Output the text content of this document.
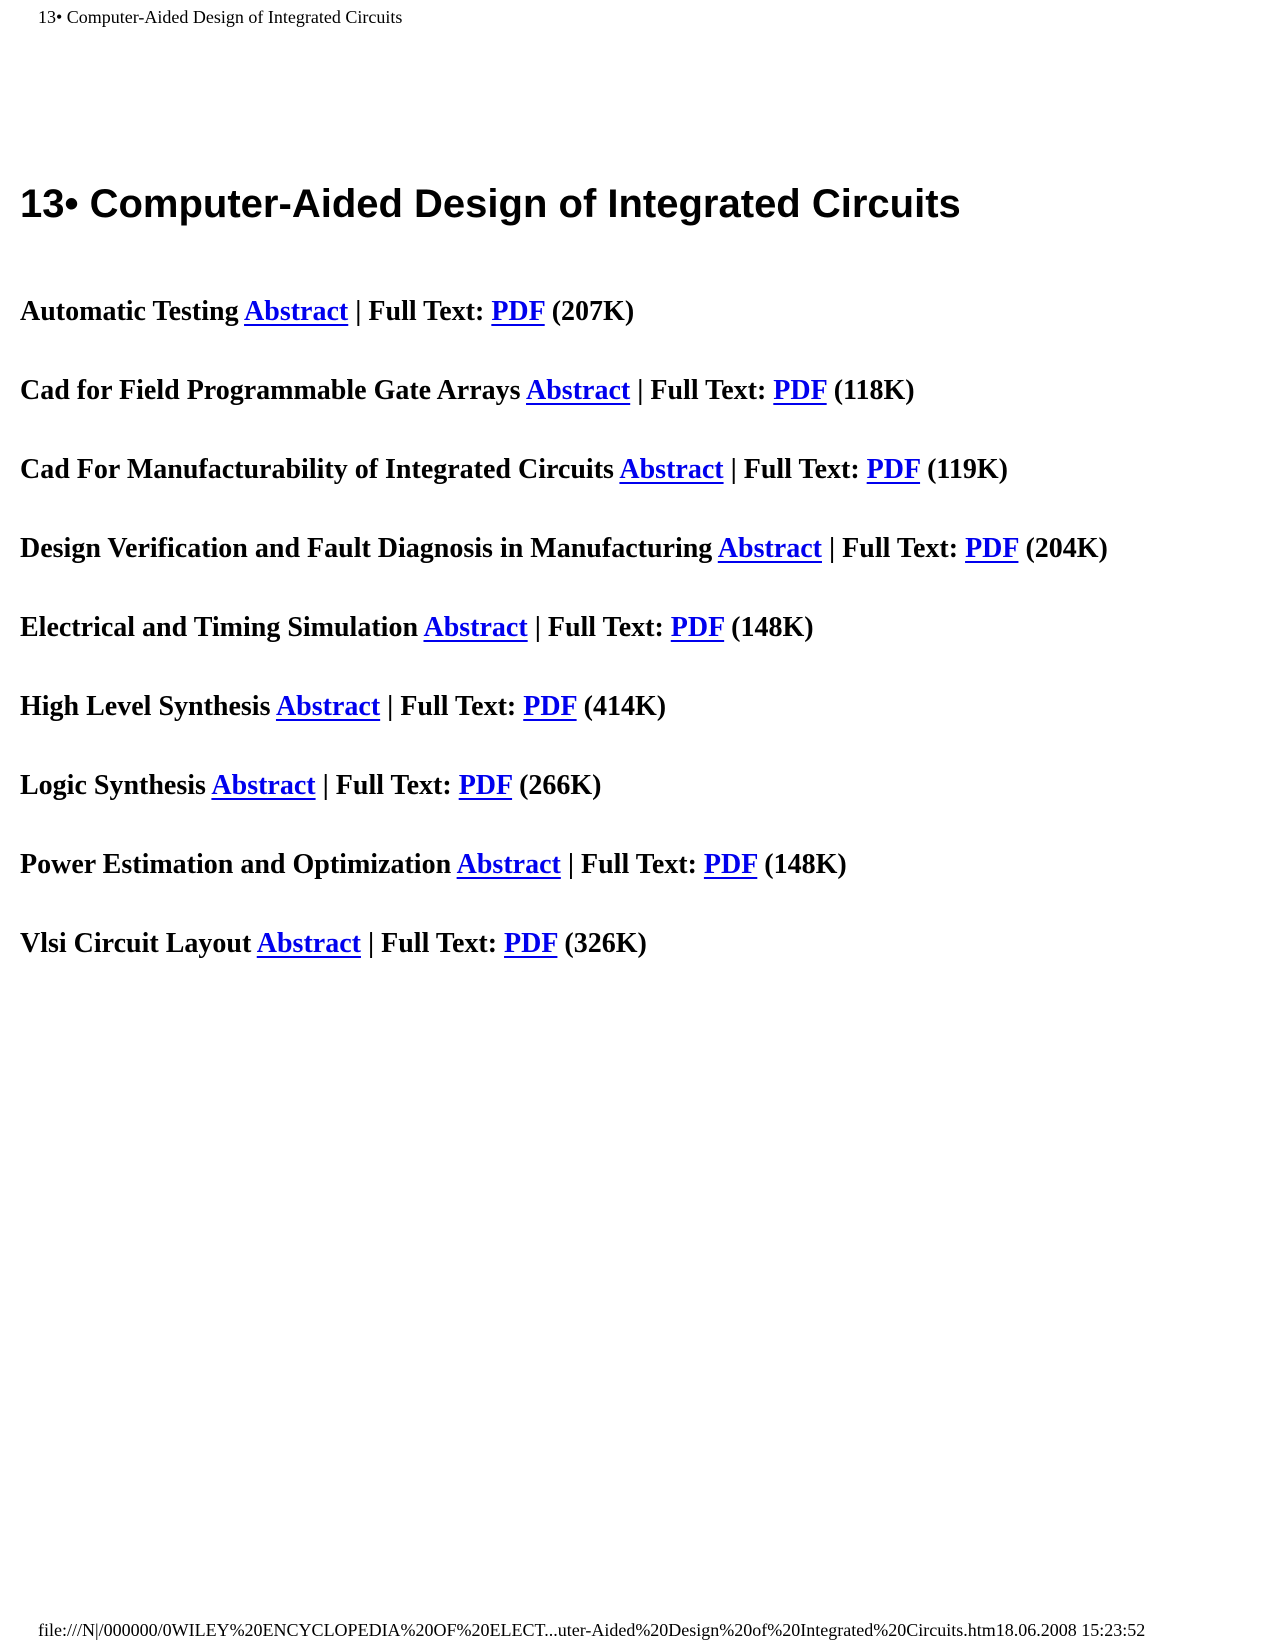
13• Computer-Aided Design of Integrated Circuits
13• Computer-Aided Design of Integrated Circuits

Automatic Testing Abstract | Full Text: PDF (207K)

Cad for Field Programmable Gate Arrays Abstract | Full Text: PDF (118K)

Cad For Manufacturability of Integrated Circuits Abstract | Full Text: PDF (119K)

Design Verification and Fault Diagnosis in Manufacturing Abstract | Full Text: PDF (204K)

Electrical and Timing Simulation Abstract | Full Text: PDF (148K)

High Level Synthesis Abstract | Full Text: PDF (414K)

Logic Synthesis Abstract | Full Text: PDF (266K)

Power Estimation and Optimization Abstract | Full Text: PDF (148K)

Vlsi Circuit Layout Abstract | Full Text: PDF (326K)

file:///N|/000000/0WILEY%20ENCYCLOPEDIA%20OF%20ELECT...uter-Aided%20Design%20of%20Integrated%20Circuits.htm18.06.2008 15:23:52
